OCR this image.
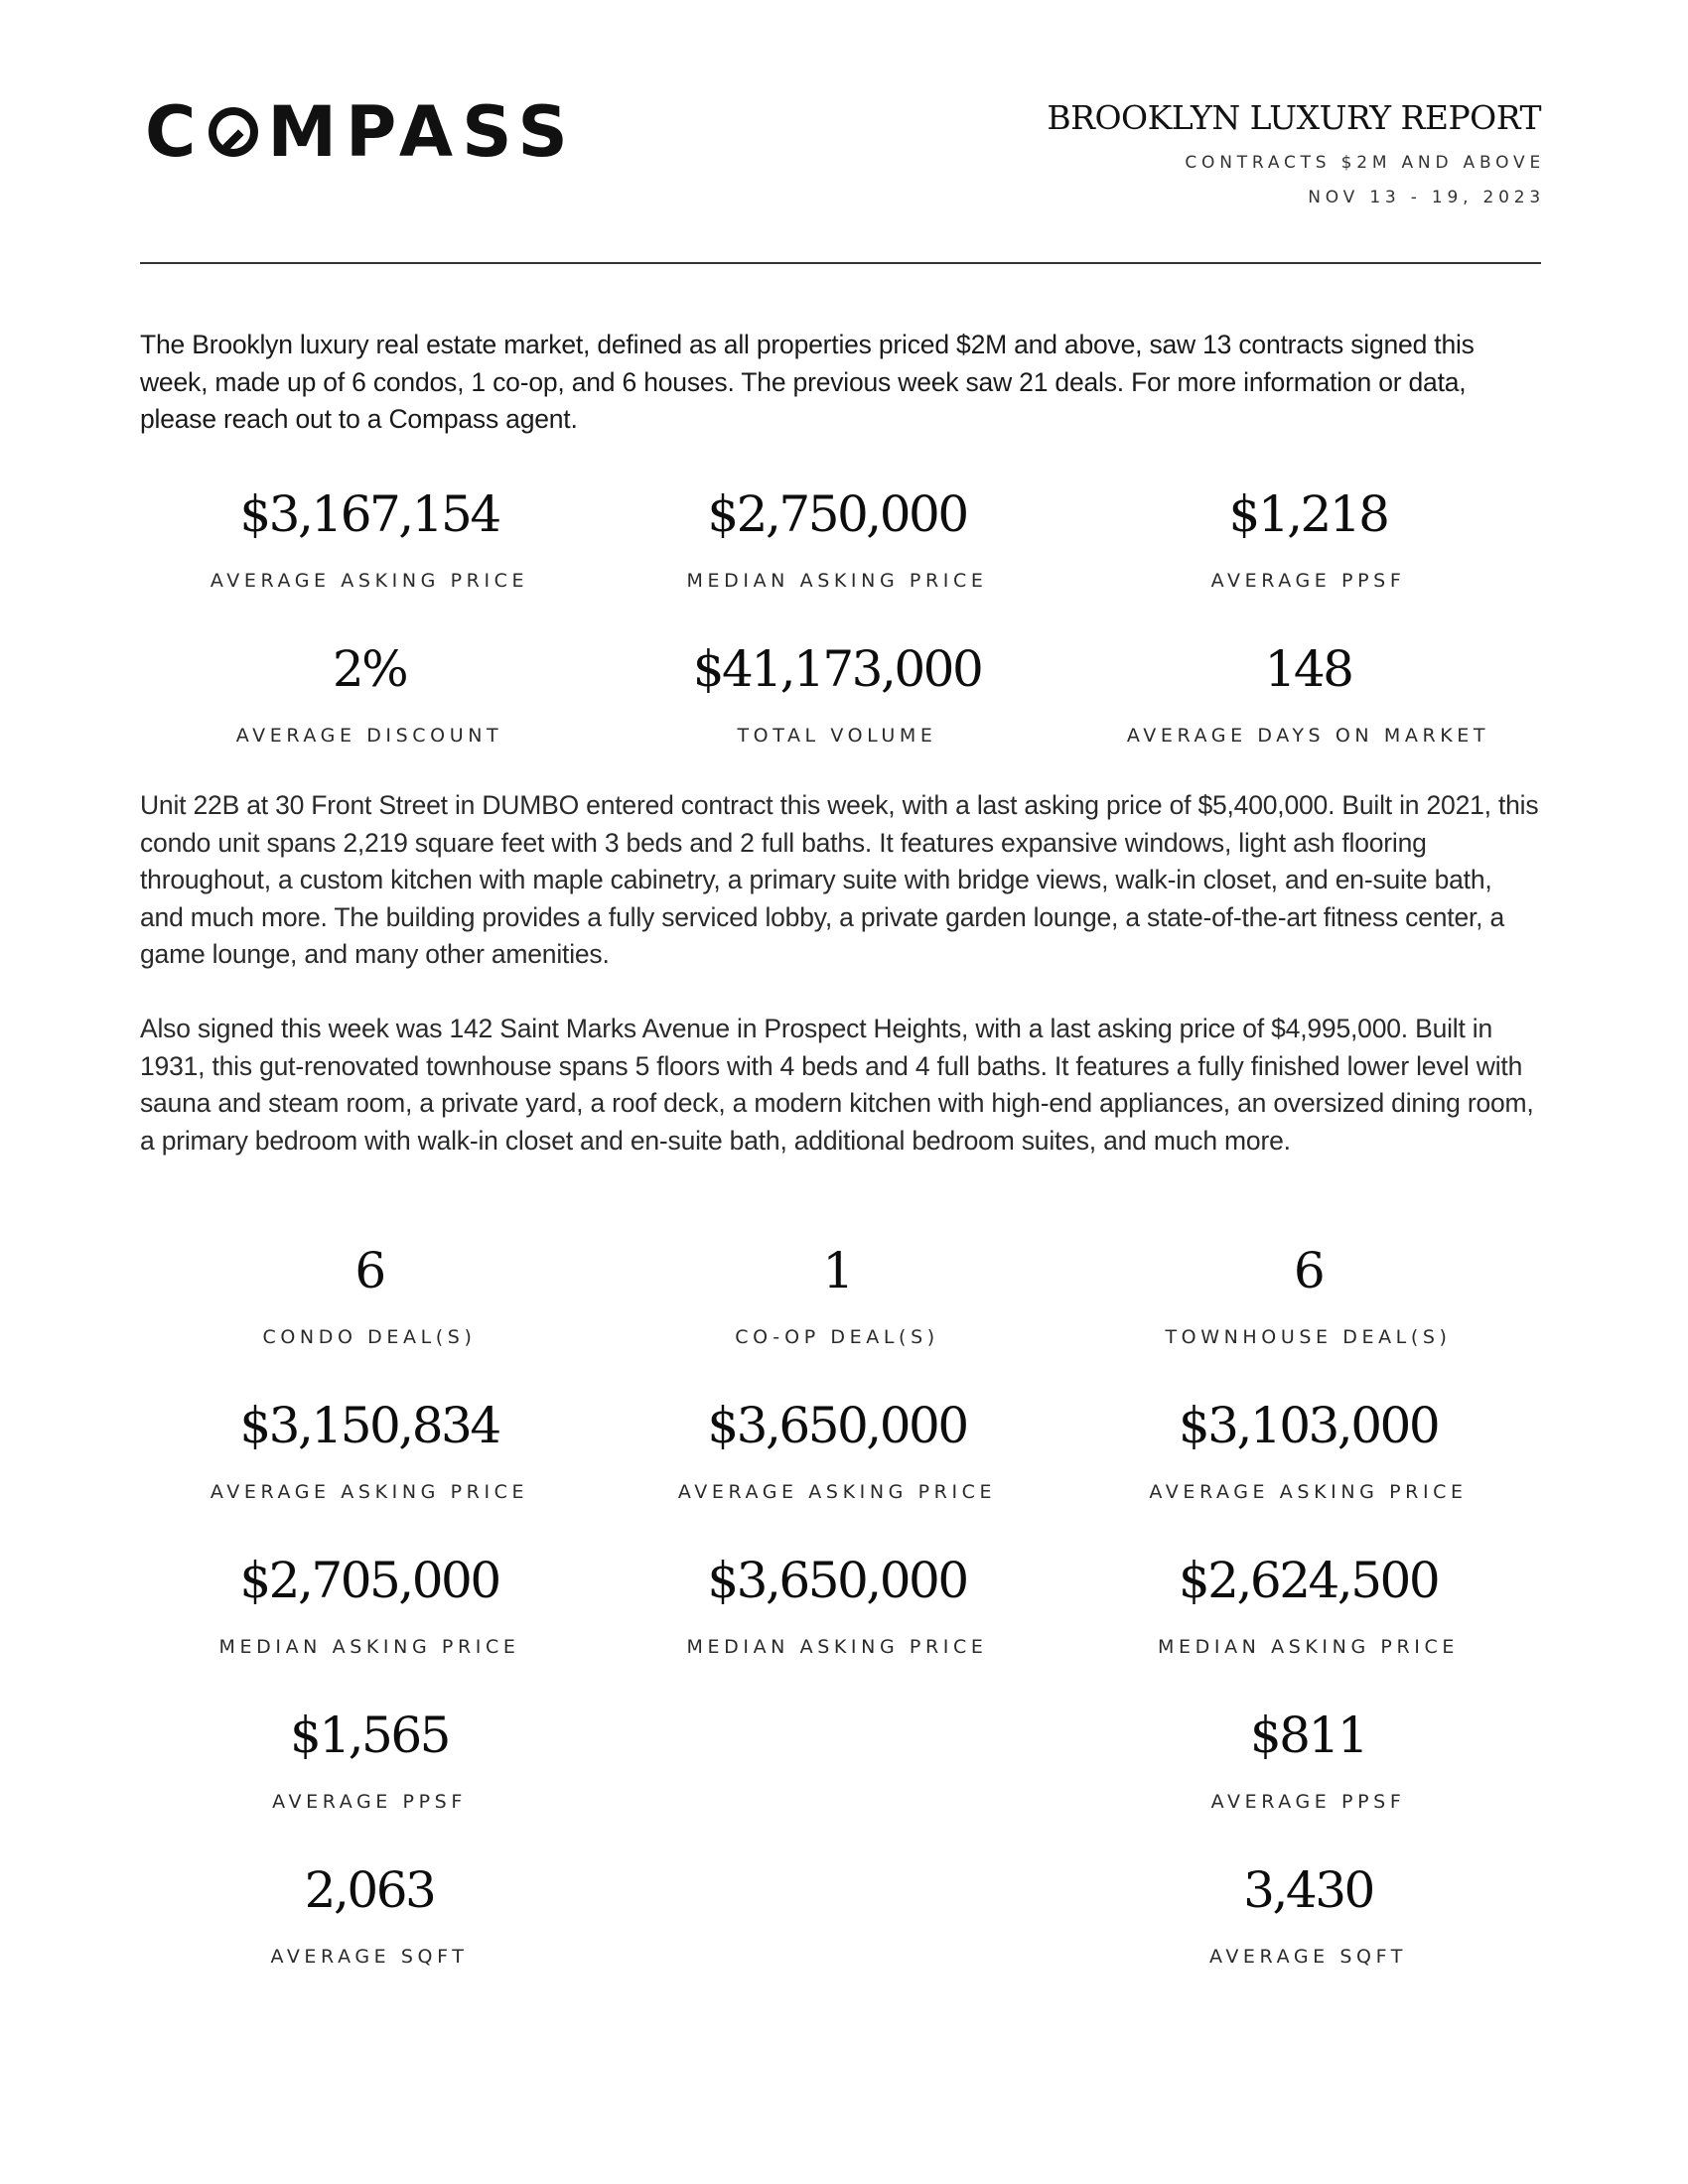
C MPASS	BROOKLYN LUXURY REPORT
CONTRACTS $2M AND ABOVE
NOV 13 - 19, 2023

The Brooklyn luxury real estate market, defined as all properties priced $2M and above, saw 13 contracts signed this week, made up of 6 condos, 1 co-op, and 6 houses. The previous week saw 21 deals. For more information or data, please reach out to a Compass agent.

$3,167,154
AVERAGE ASKING PRICE
$2,750,000
MEDIAN ASKING PRICE
$1,218
AVERAGE PPSF
2%
AVERAGE DISCOUNT
$41,173,000
TOTAL VOLUME
148
AVERAGE DAYS ON MARKET

Unit 22B at 30 Front Street in DUMBO entered contract this week, with a last asking price of $5,400,000. Built in 2021, this condo unit spans 2,219 square feet with 3 beds and 2 full baths. It features expansive windows, light ash flooring throughout, a custom kitchen with maple cabinetry, a primary suite with bridge views, walk-in closet, and en-suite bath, and much more. The building provides a fully serviced lobby, a private garden lounge, a state-of-the-art fitness center, a game lounge, and many other amenities.

Also signed this week was 142 Saint Marks Avenue in Prospect Heights, with a last asking price of $4,995,000. Built in 1931, this gut-renovated townhouse spans 5 floors with 4 beds and 4 full baths. It features a fully finished lower level with sauna and steam room, a private yard, a roof deck, a modern kitchen with high-end appliances, an oversized dining room, a primary bedroom with walk-in closet and en-suite bath, additional bedroom suites, and much more.

6
CONDO DEAL(S)
1
CO-OP DEAL(S)
6
TOWNHOUSE DEAL(S)
$3,150,834
AVERAGE ASKING PRICE
$3,650,000
AVERAGE ASKING PRICE
$3,103,000
AVERAGE ASKING PRICE
$2,705,000
MEDIAN ASKING PRICE
$3,650,000
MEDIAN ASKING PRICE
$2,624,500
MEDIAN ASKING PRICE
$1,565
AVERAGE PPSF
$811
AVERAGE PPSF
2,063
AVERAGE SQFT
3,430
AVERAGE SQFT
